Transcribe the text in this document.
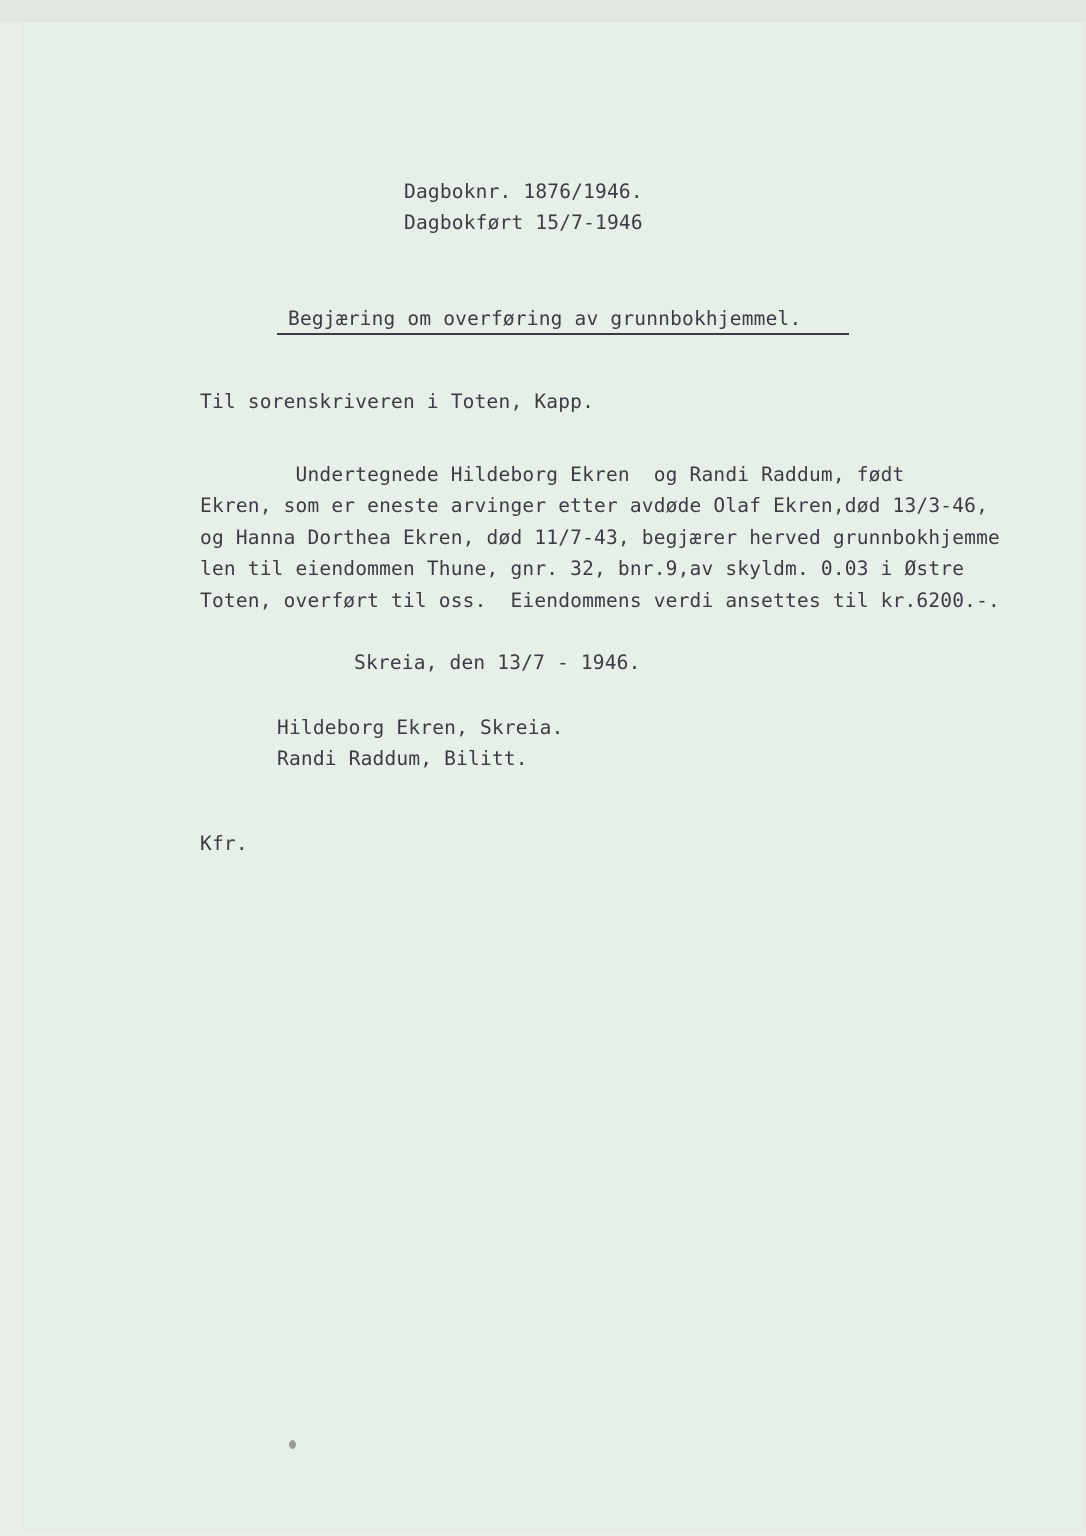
Dagboknr. 1876/1946.
Dagbokført 15/7-1946
Begjæring om overføring av grunnbokhjemmel.
Til sorenskriveren i Toten, Kapp.
Undertegnede Hildeborg Ekren  og Randi Raddum, født
Ekren, som er eneste arvinger etter avdøde Olaf Ekren,død 13/3-46,
og Hanna Dorthea Ekren, død 11/7-43, begjærer herved grunnbokhjemme
len til eiendommen Thune, gnr. 32, bnr.9,av skyldm. 0.03 i Østre
Toten, overført til oss.  Eiendommens verdi ansettes til kr.6200.-.
Skreia, den 13/7 - 1946.
Hildeborg Ekren, Skreia.
Randi Raddum, Bilitt.
Kfr.
